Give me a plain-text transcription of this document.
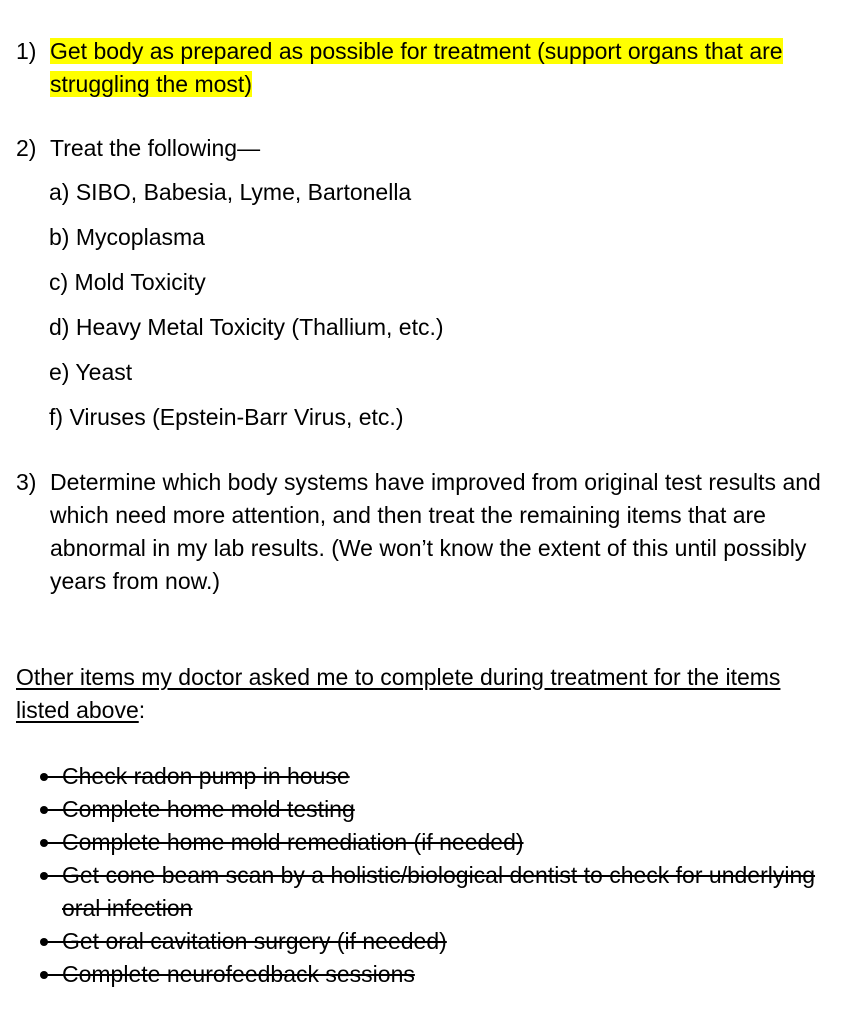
1) Get body as prepared as possible for treatment (support organs that are struggling the most)
2) Treat the following—
a) SIBO, Babesia, Lyme, Bartonella
b) Mycoplasma
c) Mold Toxicity
d) Heavy Metal Toxicity (Thallium, etc.)
e) Yeast
f) Viruses (Epstein-Barr Virus, etc.)
3) Determine which body systems have improved from original test results and which need more attention, and then treat the remaining items that are abnormal in my lab results. (We won’t know the extent of this until possibly years from now.)
Other items my doctor asked me to complete during treatment for the items listed above:
Check radon pump in house
Complete home mold testing
Complete home mold remediation (if needed)
Get cone beam scan by a holistic/biological dentist to check for underlying oral infection
Get oral cavitation surgery (if needed)
Complete neurofeedback sessions
